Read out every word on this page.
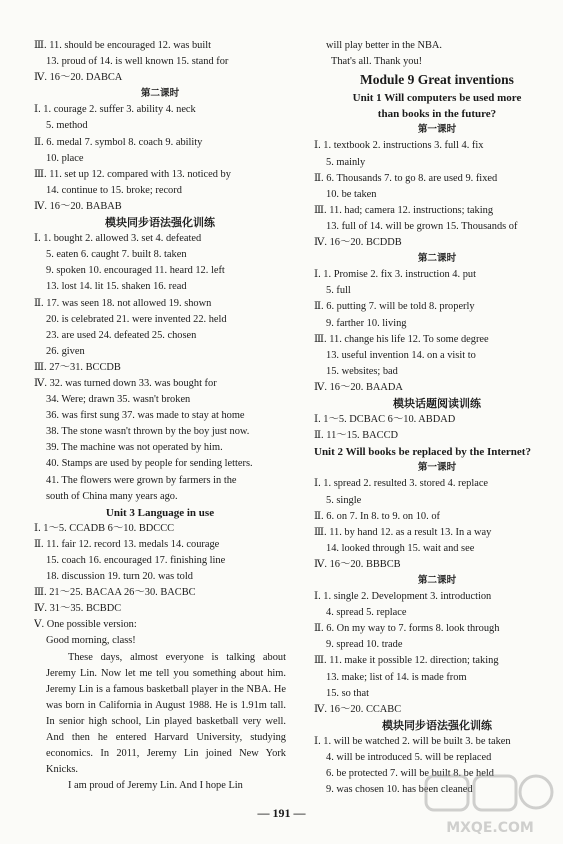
Ⅲ. 11. should be encouraged 12. was built
13. proud of 14. is well known 15. stand for
Ⅳ. 16～20. DABCA
第二课时
Ⅰ. 1. courage 2. suffer 3. ability 4. neck
5. method
Ⅱ. 6. medal 7. symbol 8. coach 9. ability
10. place
Ⅲ. 11. set up 12. compared with 13. noticed by
14. continue to 15. broke; record
Ⅳ. 16～20. BABAB
模块同步语法强化训练
Ⅰ. 1. bought 2. allowed 3. set 4. defeated
5. eaten 6. caught 7. built 8. taken
9. spoken 10. encouraged 11. heard 12. left
13. lost 14. lit 15. shaken 16. read
Ⅱ. 17. was seen 18. not allowed 19. shown
20. is celebrated 21. were invented 22. held
23. are used 24. defeated 25. chosen
26. given
Ⅲ. 27～31. BCCDB
Ⅳ. 32. was turned down 33. was bought for
34. Were; drawn 35. wasn't broken
36. was first sung 37. was made to stay at home
38. The stone wasn't thrown by the boy just now.
39. The machine was not operated by him.
40. Stamps are used by people for sending letters.
41. The flowers were grown by farmers in the
south of China many years ago.
Unit 3 Language in use
Ⅰ. 1～5. CCADB 6～10. BDCCC
Ⅱ. 11. fair 12. record 13. medals 14. courage
15. coach 16. encouraged 17. finishing line
18. discussion 19. turn 20. was told
Ⅲ. 21～25. BACAA 26～30. BACBC
Ⅳ. 31～35. BCBDC
Ⅴ. One possible version:
Good morning, class!
These days, almost everyone is talking about Jeremy Lin. Now let me tell you something about him. Jeremy Lin is a famous basketball player in the NBA. He was born in California in August 1988. He is 1.91m tall. In senior high school, Lin played basketball very well. And then he entered Harvard University, studying economics. In 2011, Jeremy Lin joined New York Knicks.
I am proud of Jeremy Lin. And I hope Lin
will play better in the NBA.
That's all. Thank you!
Module 9 Great inventions
Unit 1 Will computers be used more
than books in the future?
第一课时
Ⅰ. 1. textbook 2. instructions 3. full 4. fix
5. mainly
Ⅱ. 6. Thousands 7. to go 8. are used 9. fixed
10. be taken
Ⅲ. 11. had; camera 12. instructions; taking
13. full of 14. will be grown 15. Thousands of
Ⅳ. 16～20. BCDDB
第二课时
Ⅰ. 1. Promise 2. fix 3. instruction 4. put
5. full
Ⅱ. 6. putting 7. will be told 8. properly
9. farther 10. living
Ⅲ. 11. change his life 12. To some degree
13. useful invention 14. on a visit to
15. websites; bad
Ⅳ. 16～20. BAADA
模块话题阅读训练
Ⅰ. 1～5. DCBAC 6～10. ABDAD
Ⅱ. 11～15. BACCD
Unit 2 Will books be replaced by the Internet?
第一课时
Ⅰ. 1. spread 2. resulted 3. stored 4. replace
5. single
Ⅱ. 6. on 7. In 8. to 9. on 10. of
Ⅲ. 11. by hand 12. as a result 13. In a way
14. looked through 15. wait and see
Ⅳ. 16～20. BBBCB
第二课时
Ⅰ. 1. single 2. Development 3. introduction
4. spread 5. replace
Ⅱ. 6. On my way to 7. forms 8. look through
9. spread 10. trade
Ⅲ. 11. make it possible 12. direction; taking
13. make; list of 14. is made from
15. so that
Ⅳ. 16～20. CCABC
模块同步语法强化训练
Ⅰ. 1. will be watched 2. will be built 3. be taken
4. will be introduced 5. will be replaced
6. be protected 7. will be built 8. be held
9. was chosen 10. has been cleaned
— 191 —
MXQE.COM
